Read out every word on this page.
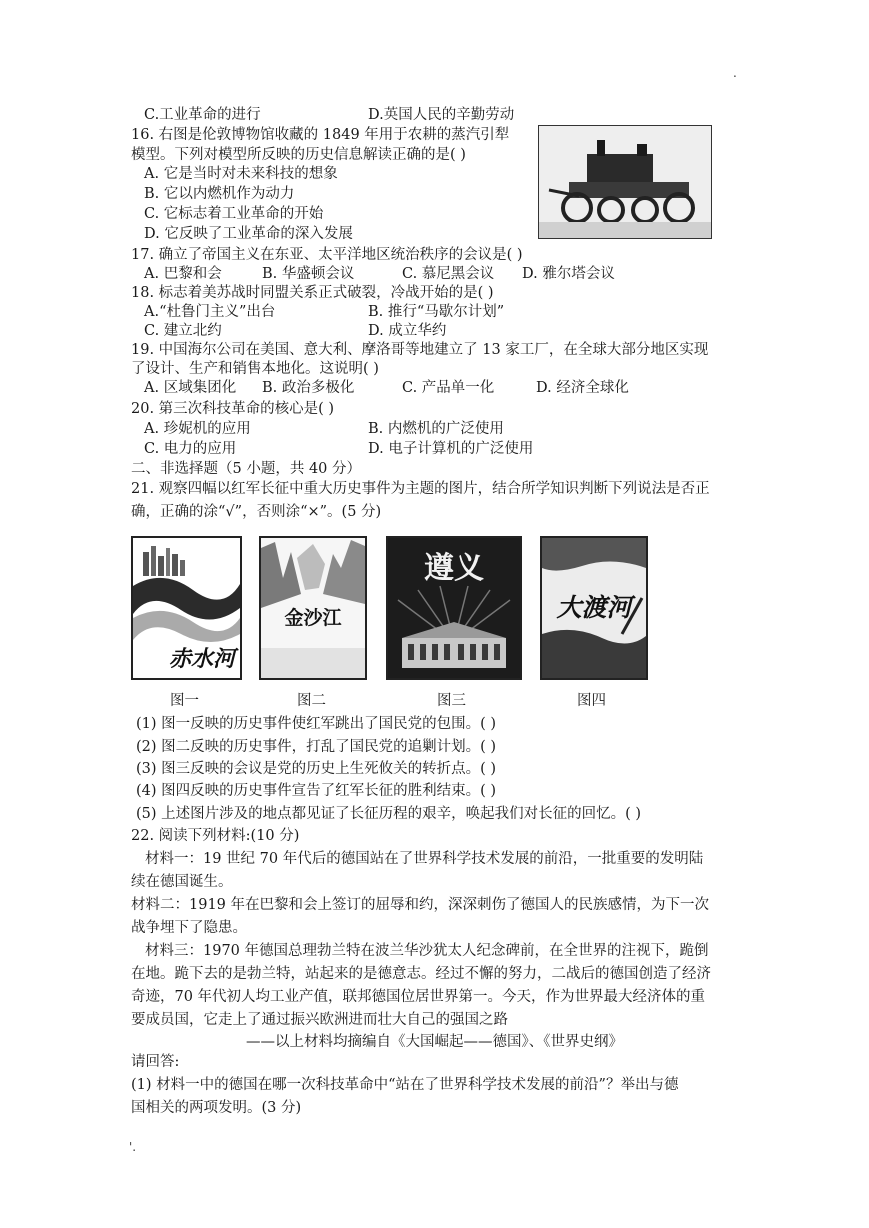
.
C.工业革命的进行	D.英国人民的辛勤劳动
16. 右图是伦敦博物馆收藏的 1849 年用于农耕的蒸汽引犁
模型。下列对模型所反映的历史信息解读正确的是( )
A. 它是当时对未来科技的想象
B. 它以内燃机作为动力
C. 它标志着工业革命的开始
D. 它反映了工业革命的深入发展
17. 确立了帝国主义在东亚、太平洋地区统治秩序的会议是( )
A. 巴黎和会	B. 华盛顿会议	C. 慕尼黑会议 D. 雅尔塔会议
18. 标志着美苏战时同盟关系正式破裂，冷战开始的是( )
A.“杜鲁门主义”出台	B. 推行“马歇尔计划”
C. 建立北约	D. 成立华约
19. 中国海尔公司在美国、意大利、摩洛哥等地建立了 13 家工厂，在全球大部分地区实现
了设计、生产和销售本地化。这说明( )
A. 区域集团化 B. 政治多极化	C. 产品单一化	D. 经济全球化
20. 第三次科技革命的核心是( )
A. 珍妮机的应用	B. 内燃机的广泛使用
C. 电力的应用	D. 电子计算机的广泛使用
二、非选择题（5 小题，共 40 分）
21. 观察四幅以红军长征中重大历史事件为主题的图片，结合所学知识判断下列说法是否正
确，正确的涂“√”，否则涂“×”。(5 分)
赤水河
金沙江
遵义
大渡河
图一	图二	图三	图四
(1) 图一反映的历史事件使红军跳出了国民党的包围。( )
(2) 图二反映的历史事件，打乱了国民党的追剿计划。( )
(3) 图三反映的会议是党的历史上生死攸关的转折点。( )
(4) 图四反映的历史事件宣告了红军长征的胜利结束。( )
(5) 上述图片涉及的地点都见证了长征历程的艰辛，唤起我们对长征的回忆。( )
22. 阅读下列材料:(10 分)
材料一：19 世纪 70 年代后的德国站在了世界科学技术发展的前沿，一批重要的发明陆
续在德国诞生。
材料二：1919 年在巴黎和会上签订的屈辱和约，深深刺伤了德国人的民族感情，为下一次
战争埋下了隐患。
材料三：1970 年德国总理勃兰特在波兰华沙犹太人纪念碑前，在全世界的注视下，跪倒
在地。跪下去的是勃兰特，站起来的是德意志。经过不懈的努力，二战后的德国创造了经济
奇迹，70 年代初人均工业产值，联邦德国位居世界第一。今天，作为世界最大经济体的重
要成员国，它走上了通过振兴欧洲进而壮大自己的强国之路
——以上材料均摘编自《大国崛起——德国》、《世界史纲》
请回答:
(1) 材料一中的德国在哪一次科技革命中“站在了世界科学技术发展的前沿”？举出与德
国相关的两项发明。(3 分)
'.
